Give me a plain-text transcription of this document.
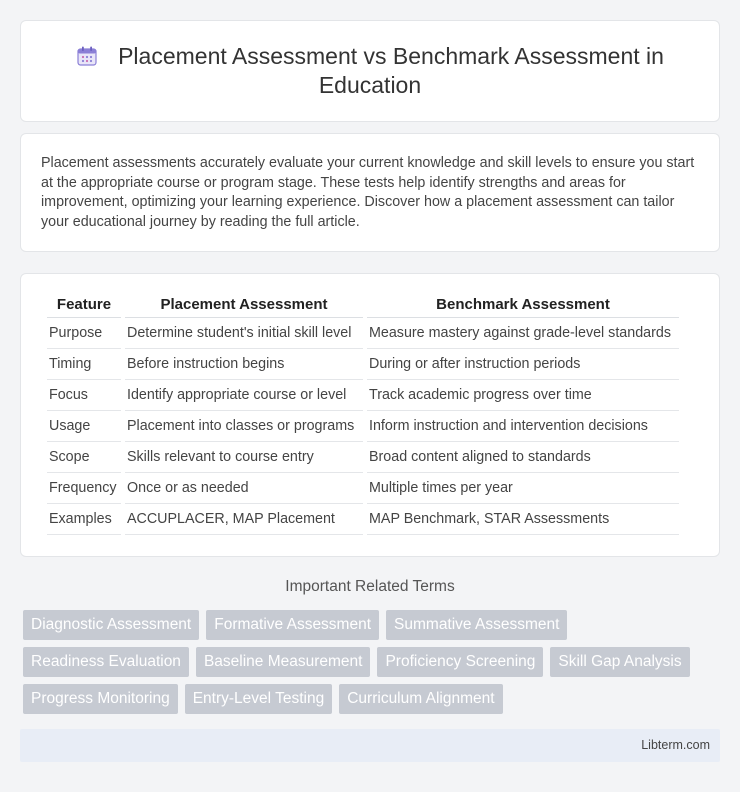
Placement Assessment vs Benchmark Assessment in Education

Placement assessments accurately evaluate your current knowledge and skill levels to ensure you start at the appropriate course or program stage. These tests help identify strengths and areas for improvement, optimizing your learning experience. Discover how a placement assessment can tailor your educational journey by reading the full article.

Feature	Placement Assessment	Benchmark Assessment
Purpose	Determine student's initial skill level	Measure mastery against grade-level standards
Timing	Before instruction begins	During or after instruction periods
Focus	Identify appropriate course or level	Track academic progress over time
Usage	Placement into classes or programs	Inform instruction and intervention decisions
Scope	Skills relevant to course entry	Broad content aligned to standards
Frequency	Once or as needed	Multiple times per year
Examples	ACCUPLACER, MAP Placement	MAP Benchmark, STAR Assessments
Important Related Terms
Diagnostic Assessment	Formative Assessment	Summative Assessment
Readiness Evaluation	Baseline Measurement	Proficiency Screening	Skill Gap Analysis
Progress Monitoring	Entry-Level Testing	Curriculum Alignment
Libterm.com
